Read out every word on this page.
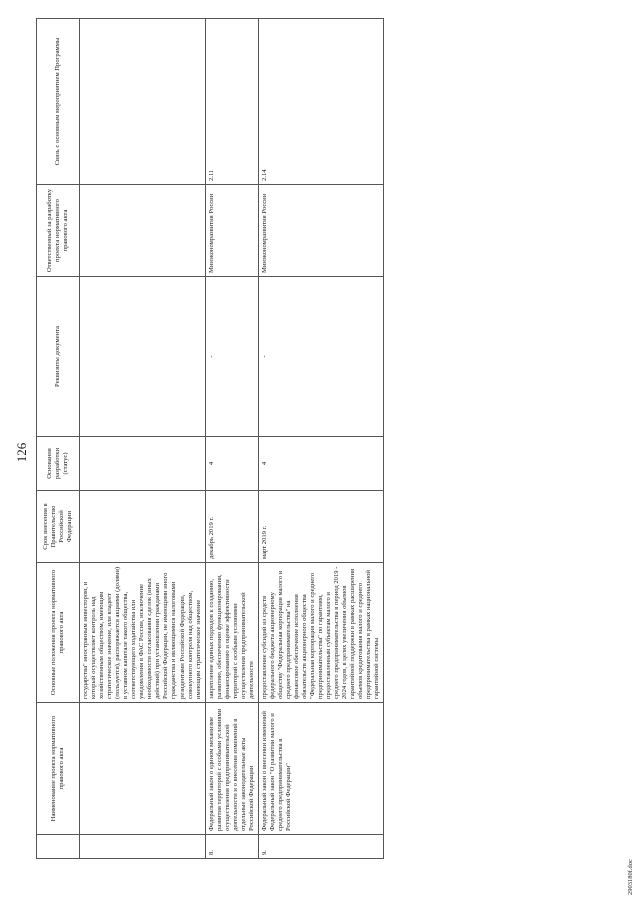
126
	Наименование проекта нормативного правового акта	Основные положения проекта нормативного правового акта	Срок внесения в Правительство Российской Федерации	Основания разработки (статус)	Реквизиты документа	Ответственный за разработку проекта нормативного правового акта	Связь с основным мероприятием Программы
		государства" иностранным инвестором, и который осуществляет контроль над хозяйственным обществом, имеющим стратегическое значение, или владеет (пользуется), распоряжается акциями (долями) в уставном капитале такого общества, соответствующего ходатайства или уведомления в ФАС России, исключение необходимости согласования сделок (иных действий) при установлении гражданами Российской Федерации, не имеющими иного гражданства и являющимися налоговыми резидентами Российской Федерации, совокупного контроля над обществом, имеющим стратегическое значение					
8.	Федеральный закон о едином механизме развития территорий с особыми условиями осуществления предпринимательской деятельности и о внесении изменений в отдельные законодательные акты Российской Федерации	закрепление единых подходов к созданию, развитию, обеспечению функционирования, финансированию и оценке эффективности территорий с особыми условиями осуществления предпринимательской деятельности	декабрь 2019 г.	4	-	Минэкономразвития России	2.11
9.	Федеральный закон о внесении изменений Федеральный закон "О развитии малого и среднего предпринимательства в Российской Федерации"	предоставление субсидий из средств федерального бюджета акционерному обществу "Федеральная корпорация малого и среднего предпринимательства" на финансовое обеспечение исполнения обязательств акционерного общества "Федеральная корпорация малого и среднего предпринимательства" по гарантиям, предоставленным субъектам малого и среднего предпринимательства в период 2019 - 2024 годов, в целях увеличения объемов гарантийной поддержки в рамках расширения объемов кредитования малого и среднего предпринимательства в рамках национальной гарантийной системы	март 2019 г.	4	-	Минэкономразвития России	2.14
2903180f.doc
